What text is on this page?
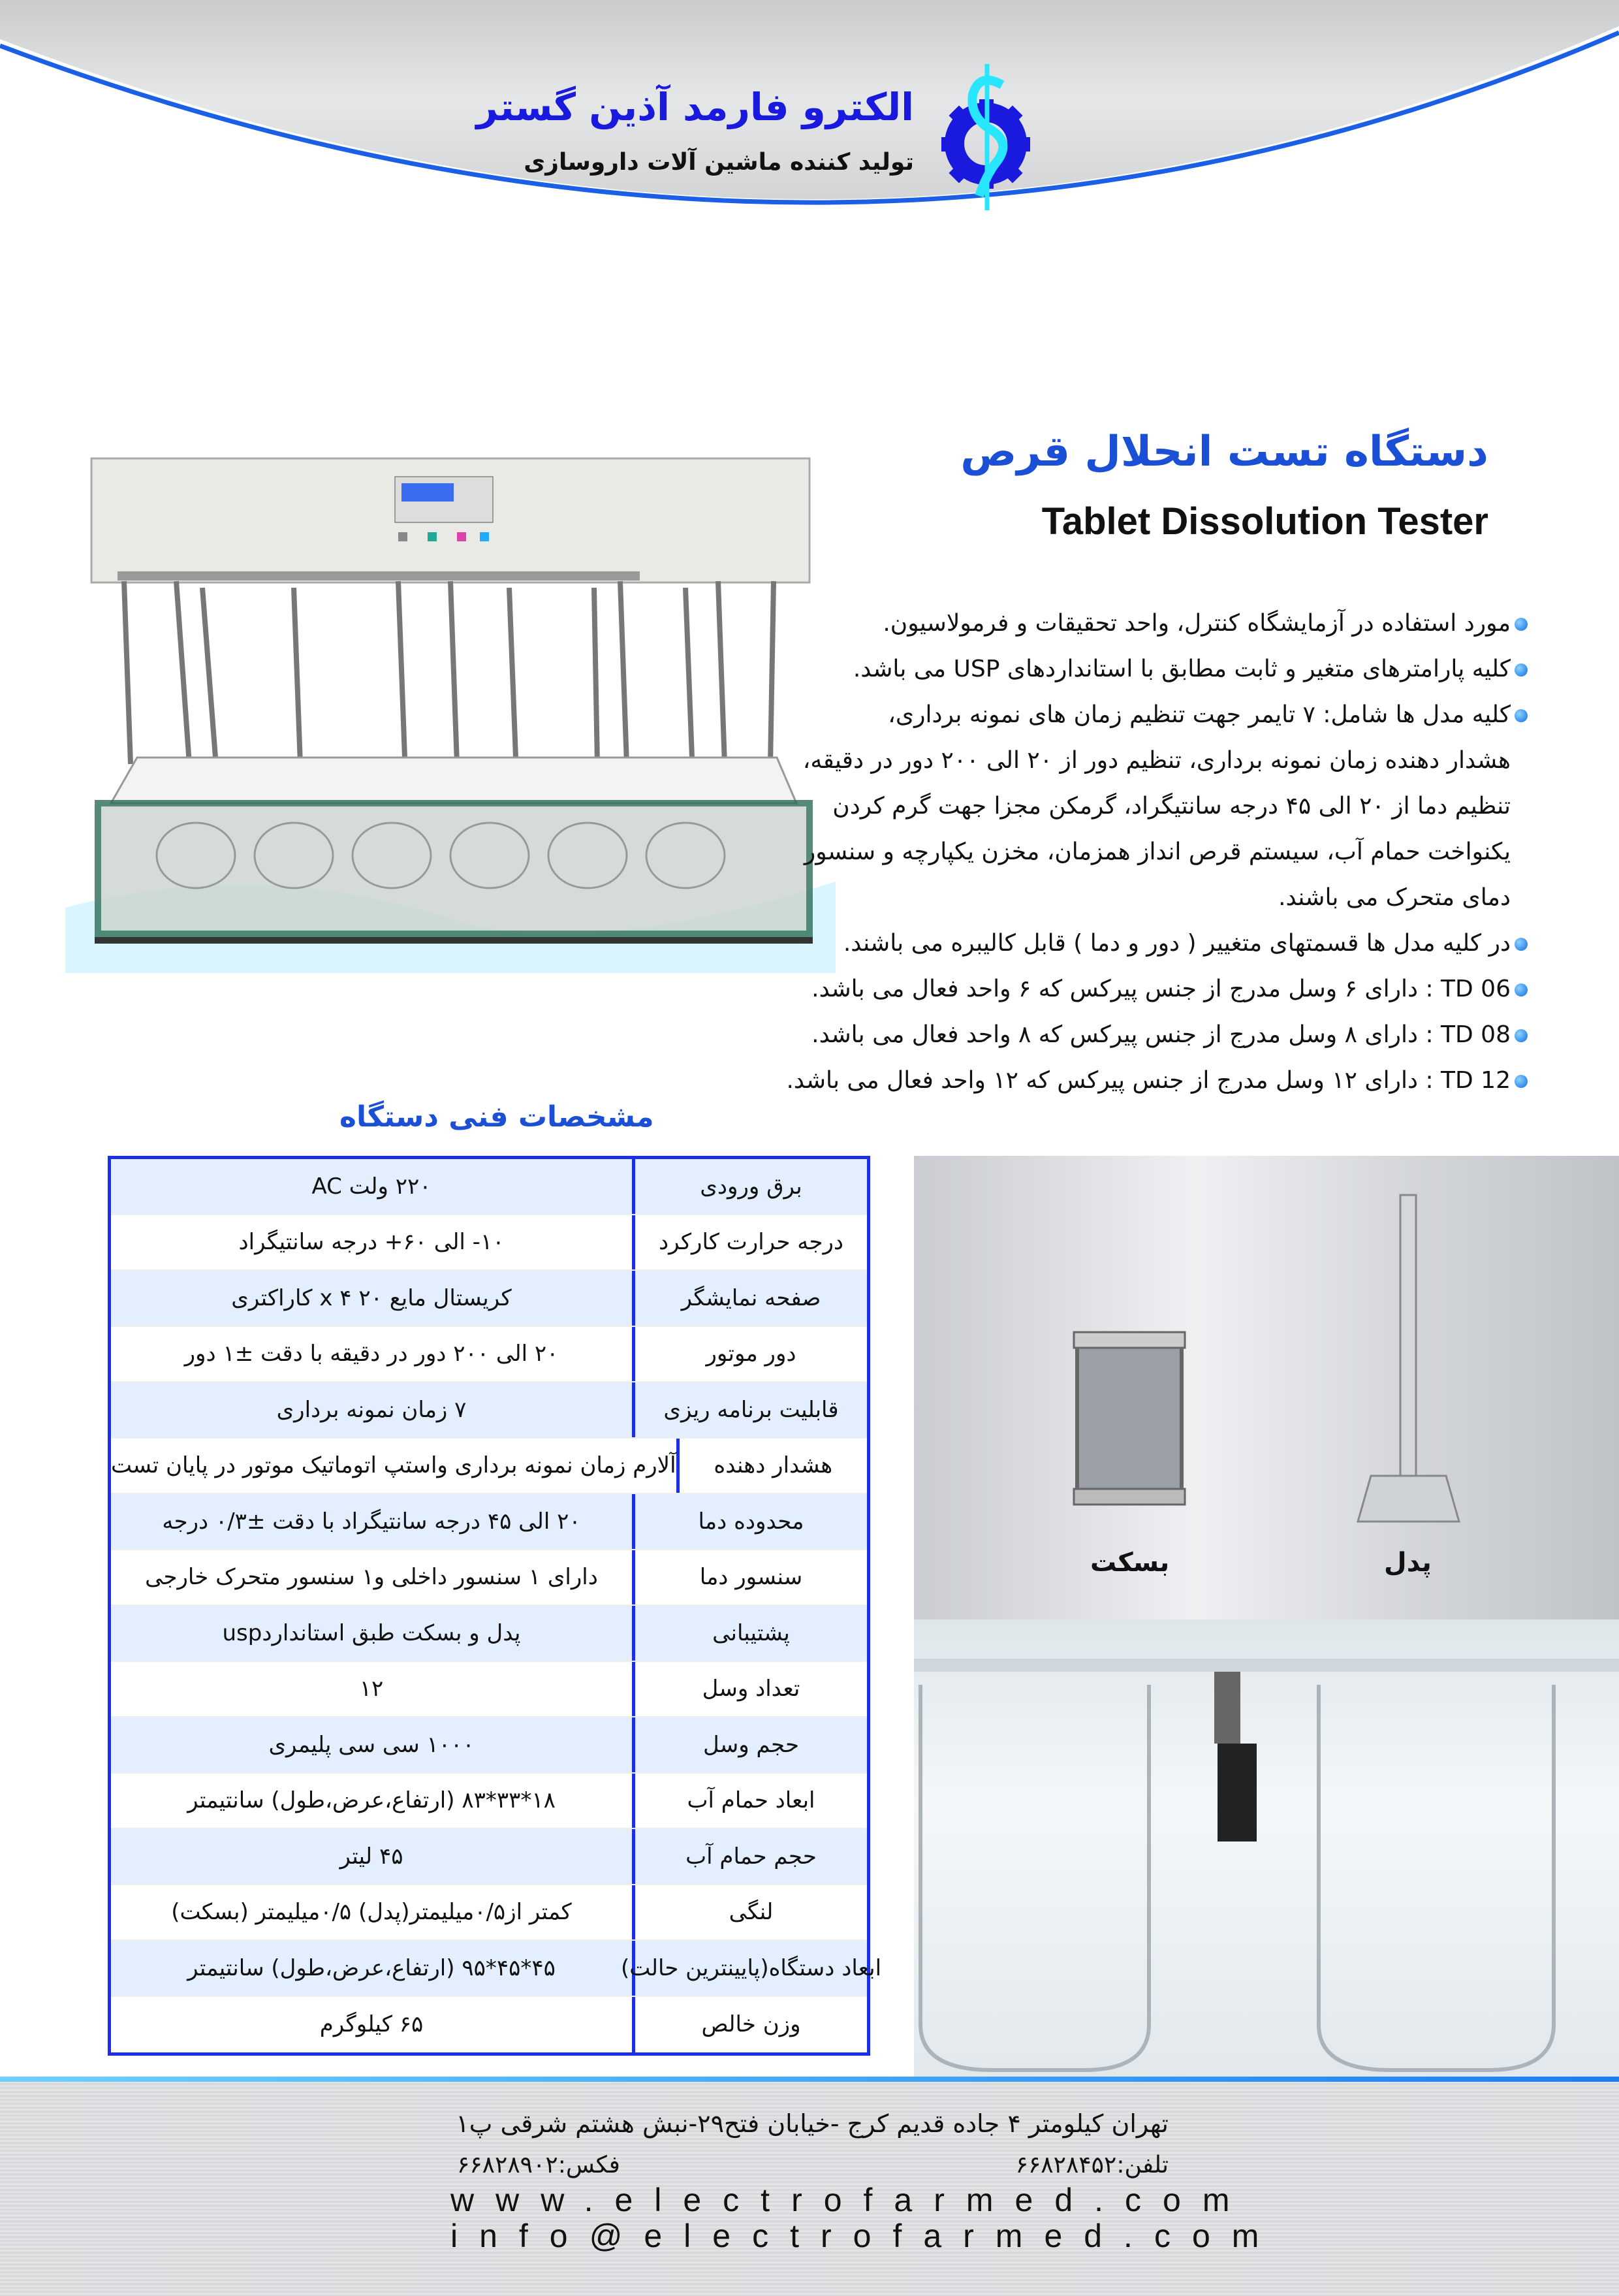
الکترو فارمد آذین گستر
تولید کننده ماشین آلات داروسازی
دستگاه تست انحلال قرص
Tablet Dissolution Tester
مورد استفاده در آزمایشگاه کنترل، واحد تحقیقات و فرمولاسیون.
کلیه پارامترهای متغیر و ثابت مطابق با استانداردهای USP می باشد.
کلیه مدل ها شامل: ۷ تایمر جهت تنظیم زمان های نمونه برداری،
هشدار دهنده زمان نمونه برداری، تنظیم دور از ۲۰ الی ۲۰۰ دور در دقیقه،
تنظیم دما از ۲۰ الی ۴۵ درجه سانتیگراد، گرمکن مجزا جهت گرم کردن
یکنواخت حمام آب، سیستم قرص انداز همزمان، مخزن یکپارچه و سنسور
دمای متحرک می باشند.
در کلیه مدل ها قسمتهای متغییر ( دور و دما ) قابل کالیبره می باشند.
TD 06 : دارای ۶ وسل مدرج از جنس پیرکس که ۶ واحد فعال می باشد.
TD 08 : دارای ۸ وسل مدرج از جنس پیرکس که ۸ واحد فعال می باشد.
TD 12 : دارای ۱۲ وسل مدرج از جنس پیرکس که ۱۲ واحد فعال می باشد.
مشخصات فنی دستگاه
برق ورودی
۲۲۰ ولت AC
درجه حرارت کارکرد
۱۰- الی ۶۰+ درجه سانتیگراد
صفحه نمایشگر
کریستال مایع ۲۰ x ۴ کاراکتری
دور موتور
۲۰ الی ۲۰۰ دور در دقیقه با دقت ±۱ دور
قابلیت برنامه ریزی
۷ زمان نمونه برداری
هشدار دهنده
آلارم زمان نمونه برداری واستپ اتوماتیک موتور در پایان تست
محدوده دما
۲۰ الی ۴۵ درجه سانتیگراد با دقت ±۰/۳ درجه
سنسور دما
دارای ۱ سنسور داخلی و۱ سنسور متحرک خارجی
پشتیبانی
پدل و بسکت طبق استانداردusp
تعداد وسل
۱۲
حجم وسل
۱۰۰۰ سی سی پلیمری
ابعاد حمام آب
۱۸*۳۳*۸۳ (ارتفاع،عرض،طول) سانتیمتر
حجم حمام آب
۴۵ لیتر
لنگی
کمتر از۰/۵میلیمتر(پدل) ۰/۵میلیمتر (بسکت)
ابعاد دستگاه(پایینترین حالت)
۴۵*۴۵*۹۵ (ارتفاع،عرض،طول) سانتیمتر
وزن خالص
۶۵ کیلوگرم
بسکت	پدل
تهران کیلومتر ۴ جاده قدیم کرج -خیابان فتح۲۹-نبش هشتم شرقی پ۱
تلفن:۶۶۸۲۸۴۵۲
فکس:۶۶۸۲۸۹۰۲
www.electrofarmed.com
info@electrofarmed.com
